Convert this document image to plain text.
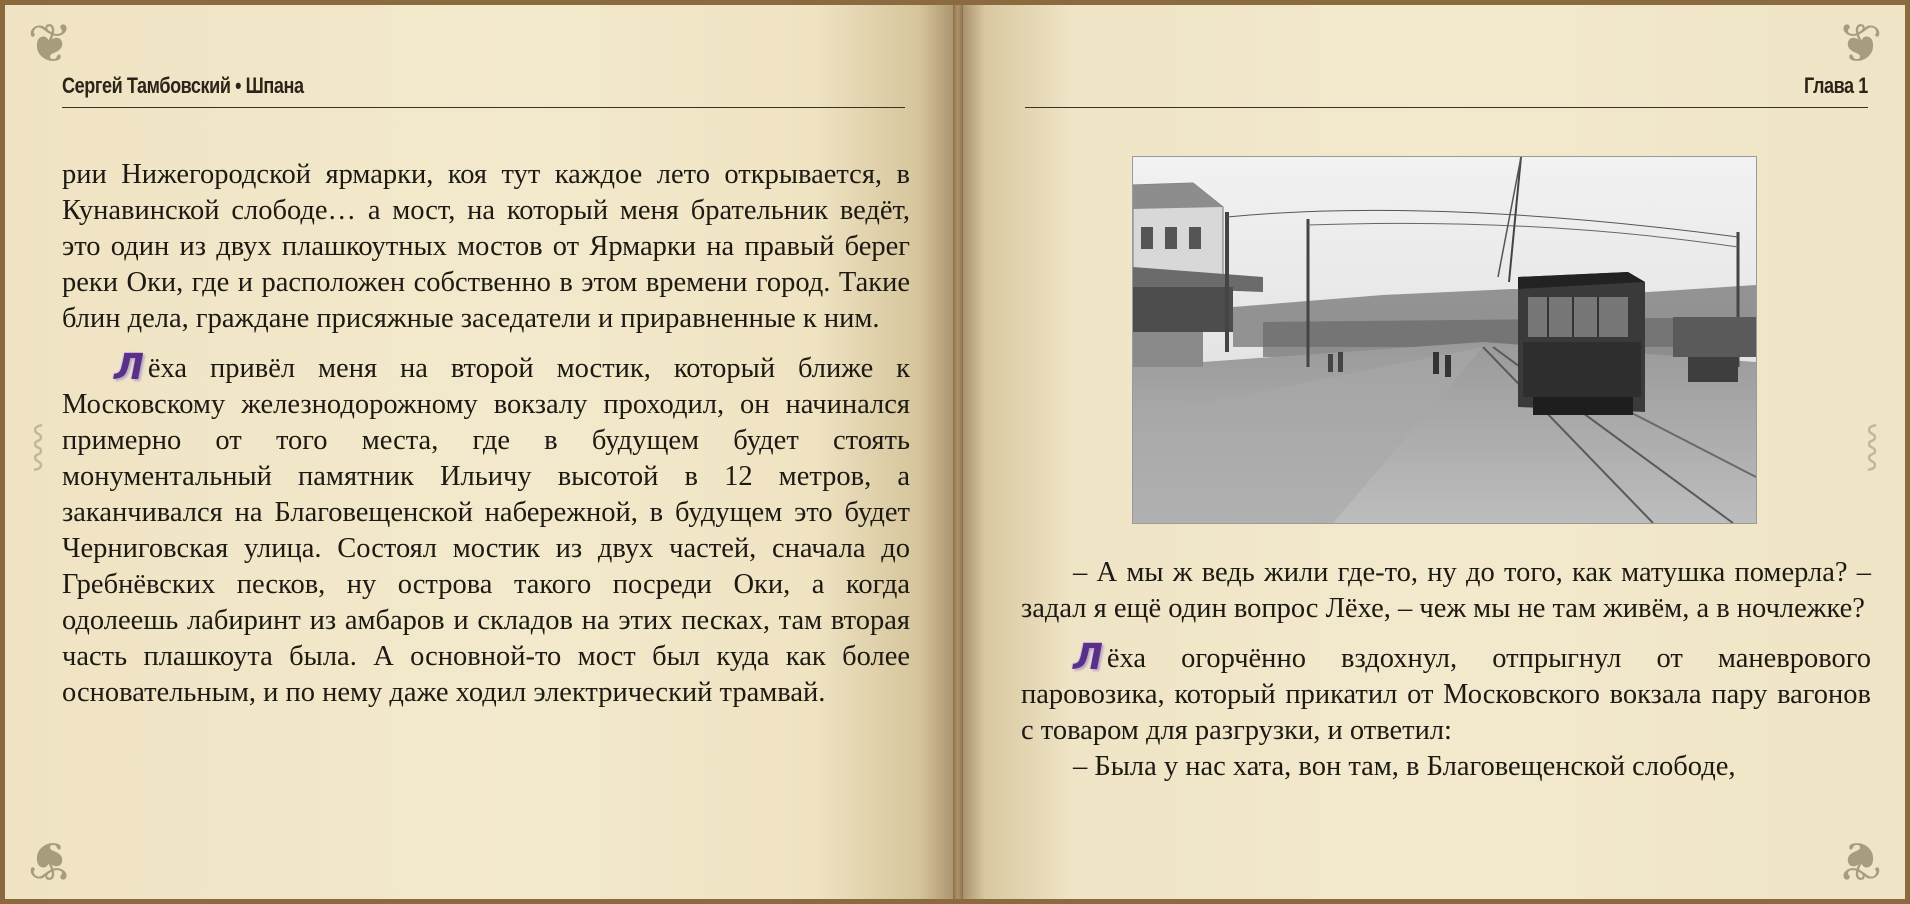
❦
❦
⸾
Сергей Тамбовский • Шпана

рии Нижегородской ярмарки, коя тут каждое лето открывается, в Кунавинской слободе… а мост, на который меня брательник ведёт, это один из двух плашкоутных мостов от Ярмарки на правый берег реки Оки, где и расположен собственно в этом времени город. Такие блин дела, граждане присяжные заседатели и приравненные к ним.

Л ёха привёл меня на второй мостик, который ближе к Московскому железнодорожному вокзалу проходил, он начинался примерно от того места, где в будущем будет стоять монументальный памятник Ильичу высотой в 12 метров, а заканчивался на Благовещенской набережной, в будущем это будет Черниговская улица. Состоял мостик из двух частей, сначала до Гребнёвских песков, ну острова такого посреди Оки, а когда одолеешь лабиринт из амбаров и складов на этих песках, там вторая часть плашкоута была. А основной-то мост был куда как более основательным, и по нему даже ходил электрический трамвай.

❦
❦
⸾
Глава 1

– А мы ж ведь жили где-то, ну до того, как матушка померла? – задал я ещё один вопрос Лёхе, – чеж мы не там живём, а в ночлежке?

Л ёха огорчённо вздохнул, отпрыгнул от маневрового паровозика, который прикатил от Московского вокзала пару вагонов с товаром для разгрузки, и ответил:

– Была у нас хата, вон там, в Благовещенской слободе,
